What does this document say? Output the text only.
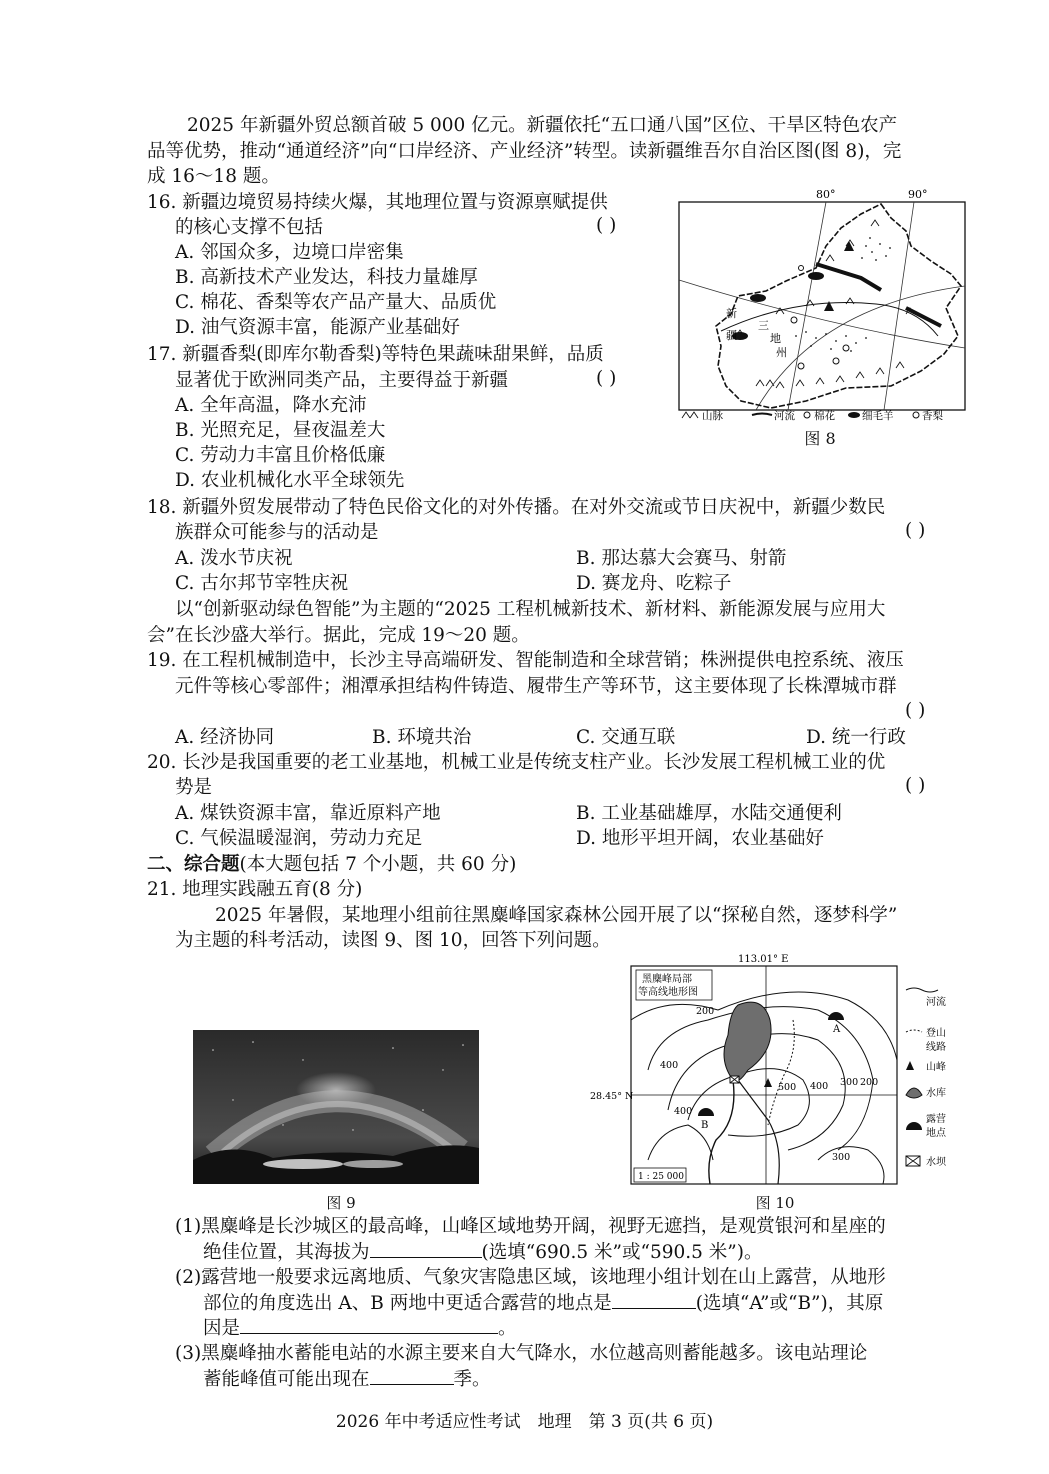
2025 年新疆外贸总额首破 5 000 亿元。新疆依托“五口通八国”区位、干旱区特色农产
品等优势，推动“通道经济”向“口岸经济、产业经济”转型。读新疆维吾尔自治区图(图 8)，完
成 16～18 题。
16. 新疆边境贸易持续火爆，其地理位置与资源禀赋提供
的核心支撑不包括	( )
A. 邻国众多，边境口岸密集
B. 高新技术产业发达，科技力量雄厚
C. 棉花、香梨等农产品产量大、品质优
D. 油气资源丰富，能源产业基础好
17. 新疆香梨(即库尔勒香梨)等特色果蔬味甜果鲜，品质
显著优于欧洲同类产品，主要得益于新疆	( )
A. 全年高温，降水充沛
B. 光照充足，昼夜温差大
C. 劳动力丰富且价格低廉
D. 农业机械化水平全球领先
80°	90°
新
疆
三
地
州
山脉	河流 棉花	细毛羊	香梨
图 8
18. 新疆外贸发展带动了特色民俗文化的对外传播。在对外交流或节日庆祝中，新疆少数民
族群众可能参与的活动是	( )
A. 泼水节庆祝	B. 那达慕大会赛马、射箭
C. 古尔邦节宰牲庆祝	D. 赛龙舟、吃粽子
以“创新驱动绿色智能”为主题的“2025 工程机械新技术、新材料、新能源发展与应用大
会”在长沙盛大举行。据此，完成 19～20 题。
19. 在工程机械制造中，长沙主导高端研发、智能制造和全球营销；株洲提供电控系统、液压
元件等核心零部件；湘潭承担结构件铸造、履带生产等环节，这主要体现了长株潭城市群
( )
A. 经济协同	B. 环境共治	C. 交通互联	D. 统一行政
20. 长沙是我国重要的老工业基地，机械工业是传统支柱产业。长沙发展工程机械工业的优
势是	( )
A. 煤铁资源丰富，靠近原料产地	B. 工业基础雄厚，水陆交通便利
C. 气候温暖湿润，劳动力充足	D. 地形平坦开阔，农业基础好
二、综合题(本大题包括 7 个小题，共 60 分)
21. 地理实践融五育(8 分)
2025 年暑假，某地理小组前往黑麋峰国家森林公园开展了以“探秘自然，逐梦科学”
为主题的科考活动，读图 9、图 10，回答下列问题。
图 9
113.01° E
黑麋峰局部
等高线地形图
28.45° N
A
B
200
400
500 400 300 200
400
300
1 : 25 000
河流
登山
线路
山峰
水库
露营
地点
水坝
图 10
(1)黑麋峰是长沙城区的最高峰，山峰区域地势开阔，视野无遮挡，是观赏银河和星座的
绝佳位置，其海拔为	(选填“690.5 米”或“590.5 米”)。
(2)露营地一般要求远离地质、气象灾害隐患区域，该地理小组计划在山上露营，从地形
部位的角度选出 A、B 两地中更适合露营的地点是	(选填“A”或“B”)，其原
因是	。
(3)黑麋峰抽水蓄能电站的水源主要来自大气降水，水位越高则蓄能越多。该电站理论
蓄能峰值可能出现在	季。
2026 年中考适应性考试　地理　第 3 页(共 6 页)
